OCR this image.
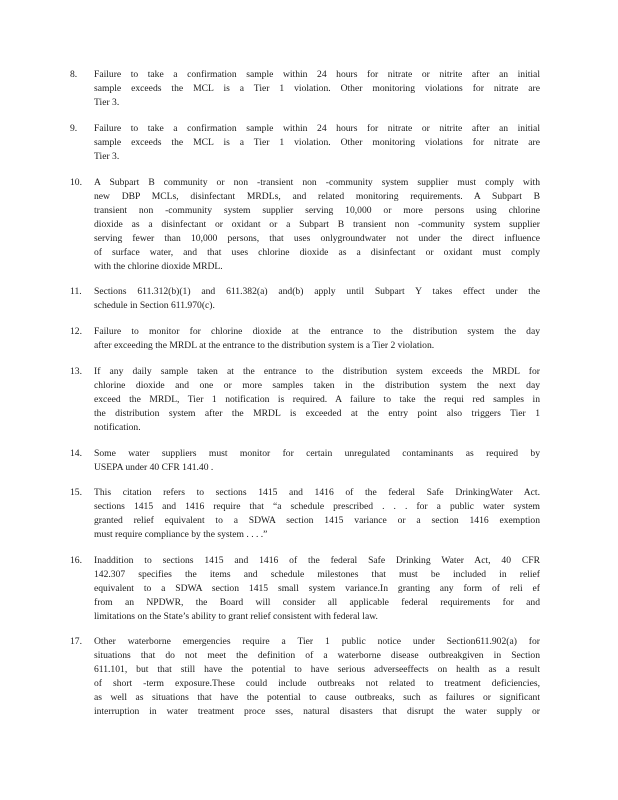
8.	Failure to take a confirmation sample within 24 hours for nitrate or nitrite after an initial
sample exceeds the MCL is a Tier 1 violation. Other monitoring violations for nitrate are
Tier 3.
9.	Failure to take a confirmation sample within 24 hours for nitrate or nitrite after an initial
sample exceeds the MCL is a Tier 1 violation. Other monitoring violations for nitrate are
Tier 3.
10.	A Subpart B community or non -transient non -community system supplier must comply with
new DBP MCLs, disinfectant MRDLs, and related monitoring requirements. A Subpart B
transient non -community system supplier serving 10,000 or more persons using chlorine
dioxide as a disinfectant or oxidant or a Subpart B transient non -community system supplier
serving fewer than 10,000 persons, that uses onlygroundwater not under the direct influence
of surface water, and that uses chlorine dioxide as a disinfectant or oxidant must comply
with the chlorine dioxide MRDL.
11.	Sections 611.312(b)(1) and 611.382(a) and(b) apply until Subpart Y takes effect under the
schedule in Section 611.970(c).
12.	Failure to monitor for chlorine dioxide at the entrance to the distribution system the day
after exceeding the MRDL at the entrance to the distribution system is a Tier 2 violation.
13.	If any daily sample taken at the entrance to the distribution system exceeds the MRDL for
chlorine dioxide and one or more samples taken in the distribution system the next day
exceed the MRDL, Tier 1 notification is required. A failure to take the requi red samples in
the distribution system after the MRDL is exceeded at the entry point also triggers Tier 1
notification.
14.	Some water suppliers must monitor for certain unregulated contaminants as required by
USEPA under 40 CFR 141.40 .
15.	This citation refers to sections 1415 and 1416 of the federal Safe DrinkingWater Act.
sections 1415 and 1416 require that “a schedule prescribed . . . for a public water system
granted relief equivalent to a SDWA section 1415 variance or a section 1416 exemption
must require compliance by the system . . . .”
16.	Inaddition to sections 1415 and 1416 of the federal Safe Drinking Water Act, 40 CFR
142.307 specifies the items and schedule milestones that must be included in relief
equivalent to a SDWA section 1415 small system variance.In granting any form of reli ef
from an NPDWR, the Board will consider all applicable federal requirements for and
limitations on the State’s ability to grant relief consistent with federal law.
17.	Other waterborne emergencies require a Tier 1 public notice under Section611.902(a) for
situations that do not meet the definition of a waterborne disease outbreakgiven in Section
611.101, but that still have the potential to have serious adverseeffects on health as a result
of short -term exposure.These could include outbreaks not related to treatment deficiencies,
as well as situations that have the potential to cause outbreaks, such as failures or significant
interruption in water treatment proce sses, natural disasters that disrupt the water supply or
